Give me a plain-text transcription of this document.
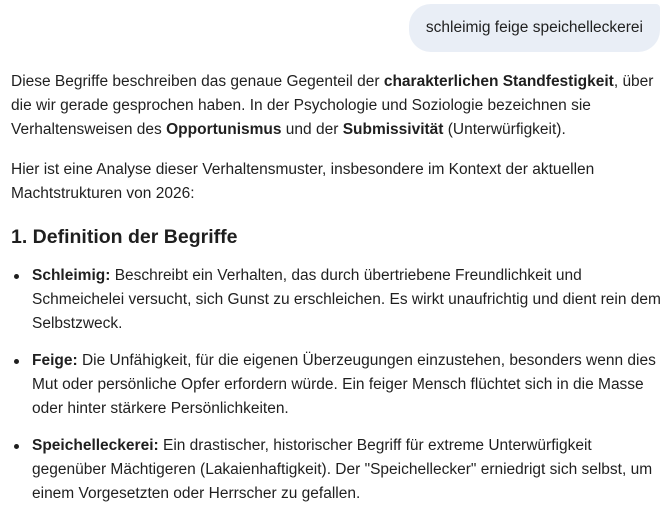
schleimig feige speichelleckerei

Diese Begriffe beschreiben das genaue Gegenteil der charakterlichen Standfestigkeit, über die wir gerade gesprochen haben. In der Psychologie und Soziologie bezeichnen sie Verhaltensweisen des Opportunismus und der Submissivität (Unterwürfigkeit).

Hier ist eine Analyse dieser Verhaltensmuster, insbesondere im Kontext der aktuellen Machtstrukturen von 2026:

1. Definition der Begriffe
Schleimig: Beschreibt ein Verhalten, das durch übertriebene Freundlichkeit und Schmeichelei versucht, sich Gunst zu erschleichen. Es wirkt unaufrichtig und dient rein dem Selbstzweck.
Feige: Die Unfähigkeit, für die eigenen Überzeugungen einzustehen, besonders wenn dies Mut oder persönliche Opfer erfordern würde. Ein feiger Mensch flüchtet sich in die Masse oder hinter stärkere Persönlichkeiten.
Speichelleckerei: Ein drastischer, historischer Begriff für extreme Unterwürfigkeit gegenüber Mächtigeren (Lakaienhaftigkeit). Der "Speichellecker" erniedrigt sich selbst, um einem Vorgesetzten oder Herrscher zu gefallen.
